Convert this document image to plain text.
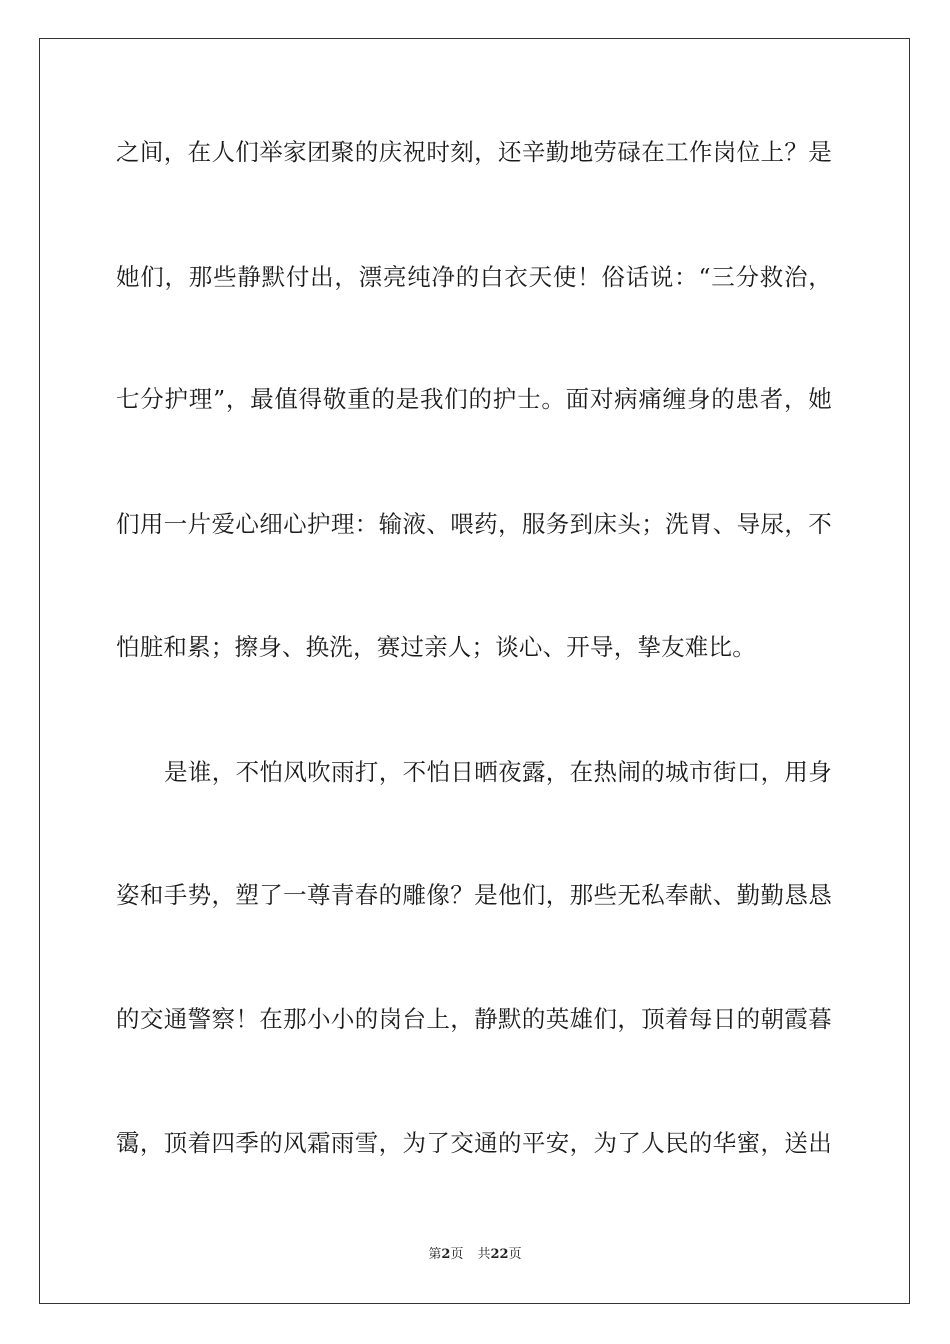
之间，在人们举家团聚的庆祝时刻，还辛勤地劳碌在工作岗位上？是
她们，那些静默付出，漂亮纯净的白衣天使！俗话说：“三分救治，
七分护理”，最值得敬重的是我们的护士。面对病痛缠身的患者，她
们用一片爱心细心护理：输液、喂药，服务到床头；洗胃、导尿，不
怕脏和累；擦身、换洗，赛过亲人；谈心、开导，挚友难比。
是谁，不怕风吹雨打，不怕日晒夜露，在热闹的城市街口，用身
姿和手势，塑了一尊青春的雕像？是他们，那些无私奉献、勤勤恳恳
的交通警察！在那小小的岗台上，静默的英雄们，顶着每日的朝霞暮
霭，顶着四季的风霜雨雪，为了交通的平安，为了人民的华蜜，送出
第2页 共22页
